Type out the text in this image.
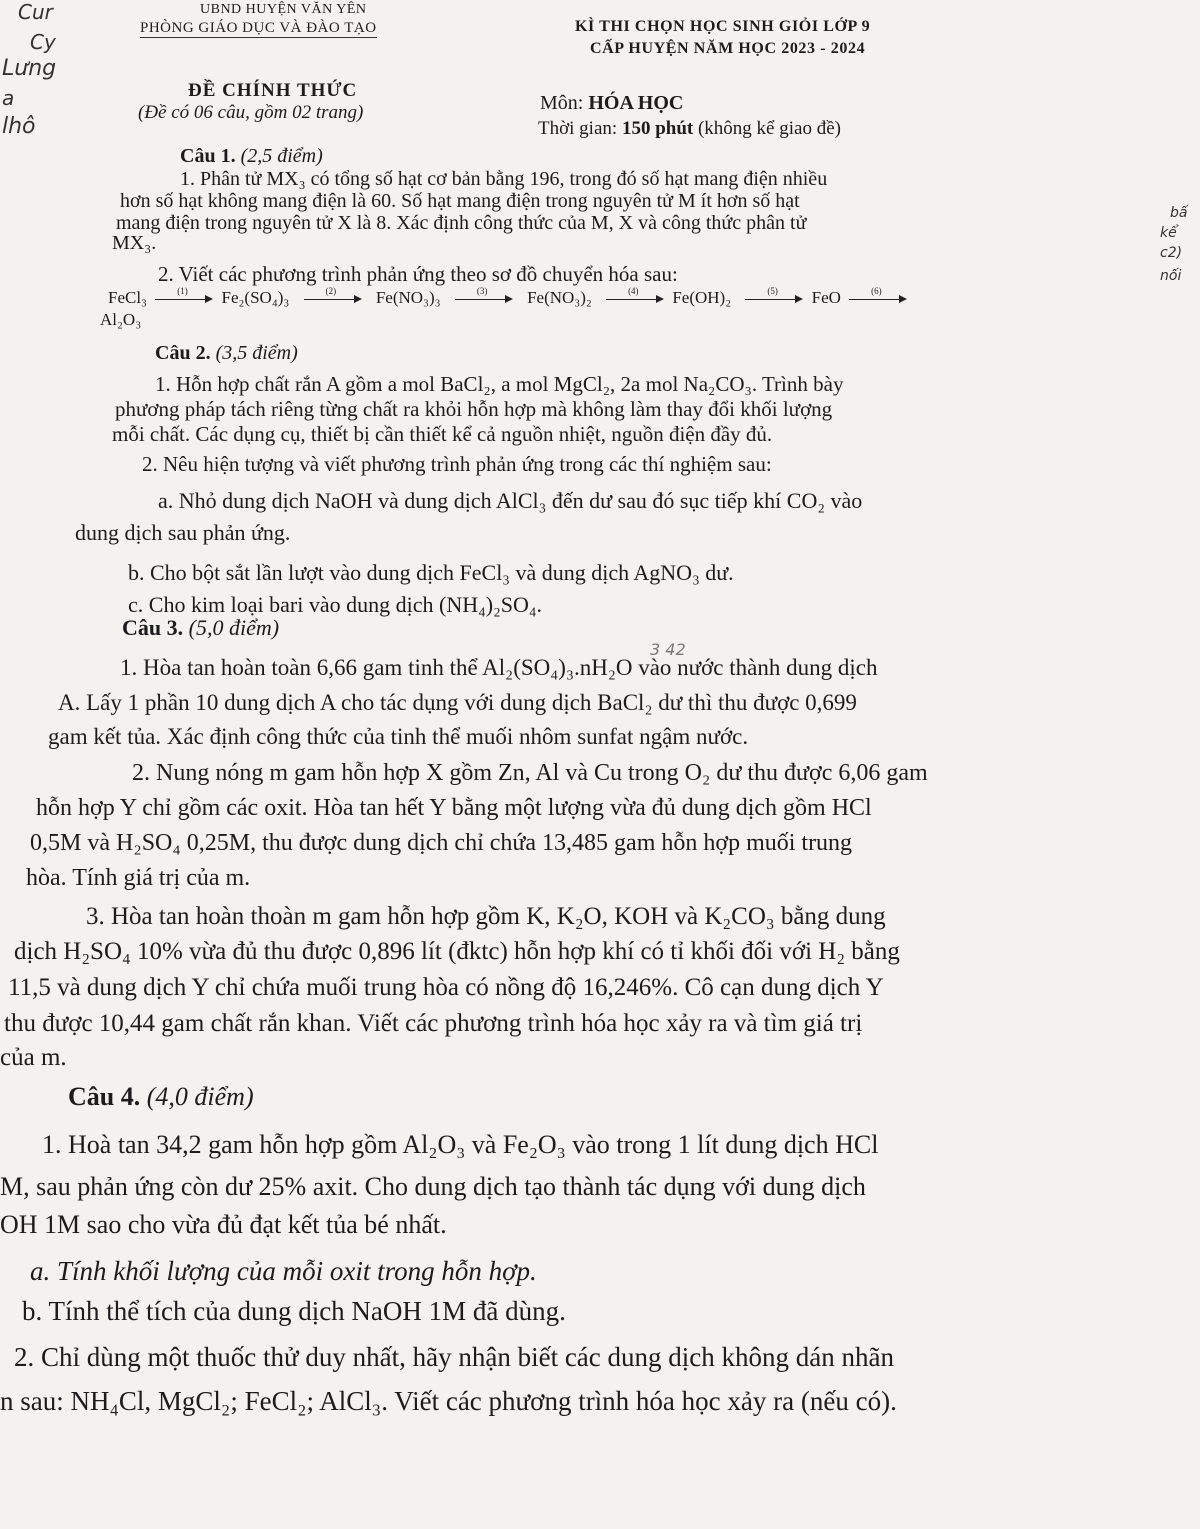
Cur
Cy
Lưng
a
lhô
bấ
kể
c2)
nối
UBND HUYỆN VĂN YÊN
PHÒNG GIÁO DỤC VÀ ĐÀO TẠO	KÌ THI CHỌN HỌC SINH GIỎI LỚP 9
CẤP HUYỆN NĂM HỌC 2023 - 2024
ĐỀ CHÍNH THỨC
(Đề có 06 câu, gồm 02 trang)	Môn: HÓA HỌC
Thời gian: 150 phút (không kể giao đề)
Câu 1. (2,5 điểm)
1. Phân tử MX₃ có tổng số hạt cơ bản bằng 196, trong đó số hạt mang điện nhiều
hơn số hạt không mang điện là 60. Số hạt mang điện trong nguyên tử M ít hơn số hạt
mang điện trong nguyên tử X là 8. Xác định công thức của M, X và công thức phân tử
MX₃.
2. Viết các phương trình phản ứng theo sơ đồ chuyển hóa sau:
FeCl₃	(1) Fe₂(SO₄)₃	(2) Fe(NO₃)₃	(3) Fe(NO₃)₂	(4) Fe(OH)₂	(5) FeO	(6)
Al₂O₃
Câu 2. (3,5 điểm)
1. Hỗn hợp chất rắn A gồm a mol BaCl₂, a mol MgCl₂, 2a mol Na₂CO₃. Trình bày
phương pháp tách riêng từng chất ra khỏi hỗn hợp mà không làm thay đổi khối lượng
mỗi chất. Các dụng cụ, thiết bị cần thiết kể cả nguồn nhiệt, nguồn điện đầy đủ.
2. Nêu hiện tượng và viết phương trình phản ứng trong các thí nghiệm sau:
a. Nhỏ dung dịch NaOH và dung dịch AlCl₃ đến dư sau đó sục tiếp khí CO₂ vào
dung dịch sau phản ứng.
b. Cho bột sắt lần lượt vào dung dịch FeCl₃ và dung dịch AgNO₃ dư.
c. Cho kim loại bari vào dung dịch (NH₄)₂SO₄.
Câu 3. (5,0 điểm)
3 42
1. Hòa tan hoàn toàn 6,66 gam tinh thể Al₂(SO₄)₃.nH₂O vào nước thành dung dịch
A. Lấy 1 phần 10 dung dịch A cho tác dụng với dung dịch BaCl₂ dư thì thu được 0,699
gam kết tủa. Xác định công thức của tinh thể muối nhôm sunfat ngậm nước.
2. Nung nóng m gam hỗn hợp X gồm Zn, Al và Cu trong O₂ dư thu được 6,06 gam
hỗn hợp Y chỉ gồm các oxit. Hòa tan hết Y bằng một lượng vừa đủ dung dịch gồm HCl
0,5M và H₂SO₄ 0,25M, thu được dung dịch chỉ chứa 13,485 gam hỗn hợp muối trung
hòa. Tính giá trị của m.
3. Hòa tan hoàn thoàn m gam hỗn hợp gồm K, K₂O, KOH và K₂CO₃ bằng dung
dịch H₂SO₄ 10% vừa đủ thu được 0,896 lít (đktc) hỗn hợp khí có tỉ khối đối với H₂ bằng
11,5 và dung dịch Y chỉ chứa muối trung hòa có nồng độ 16,246%. Cô cạn dung dịch Y
thu được 10,44 gam chất rắn khan. Viết các phương trình hóa học xảy ra và tìm giá trị
của m.
Câu 4. (4,0 điểm)
1. Hoà tan 34,2 gam hỗn hợp gồm Al₂O₃ và Fe₂O₃ vào trong 1 lít dung dịch HCl
M, sau phản ứng còn dư 25% axit. Cho dung dịch tạo thành tác dụng với dung dịch
OH 1M sao cho vừa đủ đạt kết tủa bé nhất.
a. Tính khối lượng của mỗi oxit trong hỗn hợp.
b. Tính thể tích của dung dịch NaOH 1M đã dùng.
2. Chỉ dùng một thuốc thử duy nhất, hãy nhận biết các dung dịch không dán nhãn
n sau: NH₄Cl, MgCl₂; FeCl₂; AlCl₃. Viết các phương trình hóa học xảy ra (nếu có).
